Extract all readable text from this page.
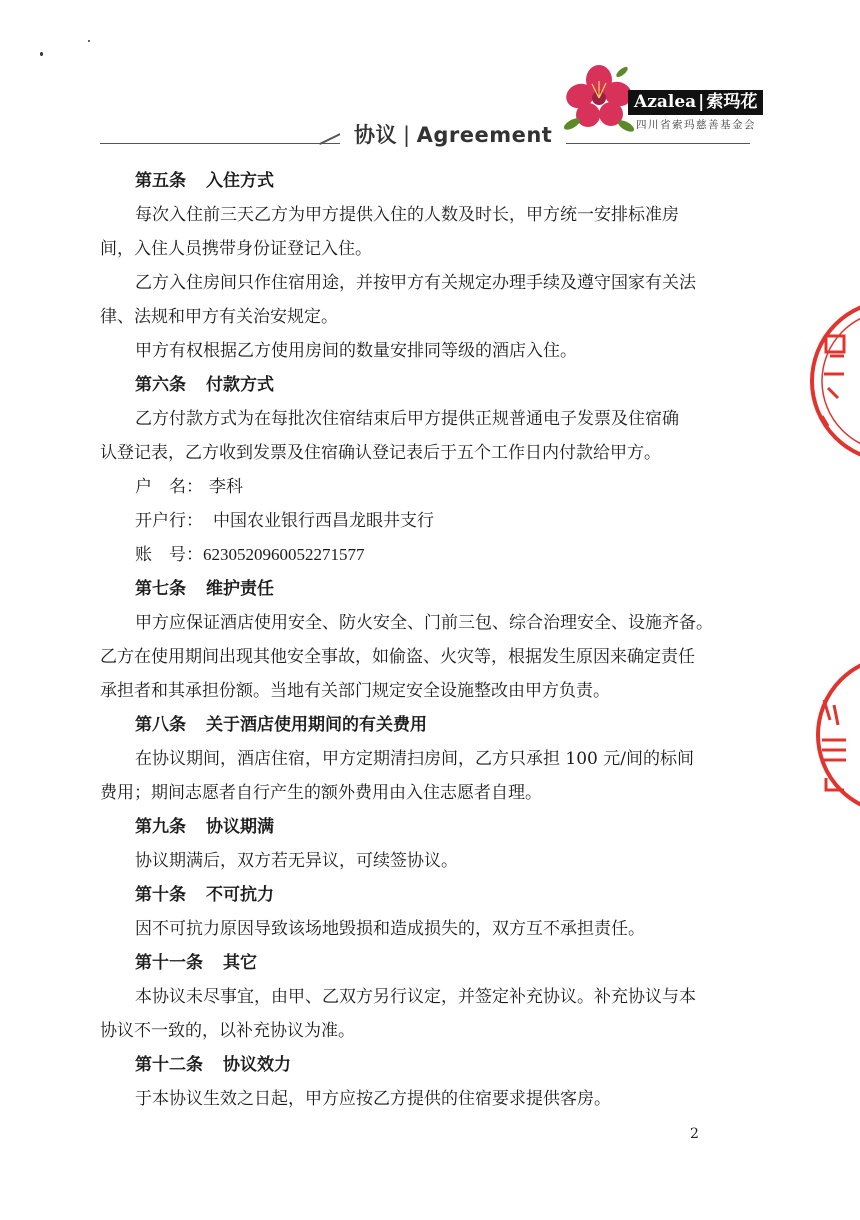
协议 | Agreement
Azalea | 索玛花
四川省索玛慈善基金会
第五条 入住方式
每次入住前三天乙方为甲方提供入住的人数及时长，甲方统一安排标准房
间，入住人员携带身份证登记入住。
乙方入住房间只作住宿用途，并按甲方有关规定办理手续及遵守国家有关法
律、法规和甲方有关治安规定。
甲方有权根据乙方使用房间的数量安排同等级的酒店入住。
第六条 付款方式
乙方付款方式为在每批次住宿结束后甲方提供正规普通电子发票及住宿确
认登记表，乙方收到发票及住宿确认登记表后于五个工作日内付款给甲方。
户　名： 李科
开户行： 中国农业银行西昌龙眼井支行
账　号：6230520960052271577
第七条 维护责任
甲方应保证酒店使用安全、防火安全、门前三包、综合治理安全、设施齐备。
乙方在使用期间出现其他安全事故，如偷盗、火灾等，根据发生原因来确定责任
承担者和其承担份额。当地有关部门规定安全设施整改由甲方负责。
第八条 关于酒店使用期间的有关费用
在协议期间，酒店住宿，甲方定期清扫房间，乙方只承担 100 元/间的标间
费用；期间志愿者自行产生的额外费用由入住志愿者自理。
第九条 协议期满
协议期满后，双方若无异议，可续签协议。
第十条 不可抗力
因不可抗力原因导致该场地毁损和造成损失的，双方互不承担责任。
第十一条 其它
本协议未尽事宜，由甲、乙双方另行议定，并签定补充协议。补充协议与本
协议不一致的，以补充协议为准。
第十二条 协议效力
于本协议生效之日起，甲方应按乙方提供的住宿要求提供客房。
2
